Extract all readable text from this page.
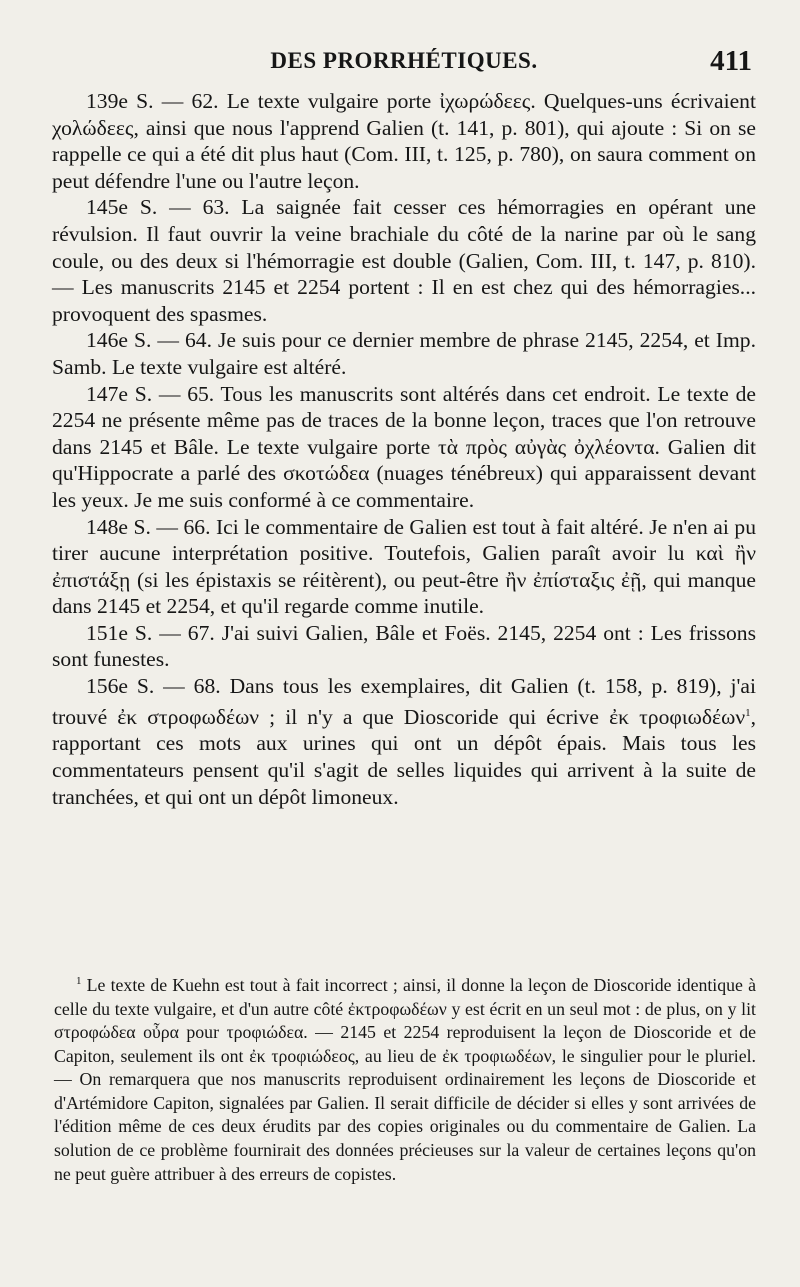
DES PRORRHÉTIQUES.	411

139e S. — 62. Le texte vulgaire porte ἰχωρώδεες. Quelques-uns écrivaient χολώδεες, ainsi que nous l'apprend Galien (t. 141, p. 801), qui ajoute : Si on se rappelle ce qui a été dit plus haut (Com. III, t. 125, p. 780), on saura comment on peut défendre l'une ou l'autre leçon.

145e S. — 63. La saignée fait cesser ces hémorragies en opérant une révulsion. Il faut ouvrir la veine brachiale du côté de la narine par où le sang coule, ou des deux si l'hémorragie est double (Galien, Com. III, t. 147, p. 810). — Les manuscrits 2145 et 2254 portent : Il en est chez qui des hémorragies... provoquent des spasmes.

146e S. — 64. Je suis pour ce dernier membre de phrase 2145, 2254, et Imp. Samb. Le texte vulgaire est altéré.

147e S. — 65. Tous les manuscrits sont altérés dans cet endroit. Le texte de 2254 ne présente même pas de traces de la bonne leçon, traces que l'on retrouve dans 2145 et Bâle. Le texte vulgaire porte τὰ πρὸς αὐγὰς ὀχλέοντα. Galien dit qu'Hippocrate a parlé des σκοτώδεα (nuages ténébreux) qui apparaissent devant les yeux. Je me suis conformé à ce commentaire.

148e S. — 66. Ici le commentaire de Galien est tout à fait altéré. Je n'en ai pu tirer aucune interprétation positive. Toutefois, Galien paraît avoir lu καὶ ἢν ἐπιστάξῃ (si les épistaxis se réitèrent), ou peut-être ἢν ἐπίσταξις ἐῇ, qui manque dans 2145 et 2254, et qu'il regarde comme inutile.

151e S. — 67. J'ai suivi Galien, Bâle et Foës. 2145, 2254 ont : Les frissons sont funestes.

156e S. — 68. Dans tous les exemplaires, dit Galien (t. 158, p. 819), j'ai trouvé ἐκ στροφωδέων ; il n'y a que Dioscoride qui écrive ἐκ τροφιωδέων$^1$, rapportant ces mots aux urines qui ont un dépôt épais. Mais tous les commentateurs pensent qu'il s'agit de selles liquides qui arrivent à la suite de tranchées, et qui ont un dépôt limoneux.

$^1$ Le texte de Kuehn est tout à fait incorrect ; ainsi, il donne la leçon de Dioscoride identique à celle du texte vulgaire, et d'un autre côté ἐκτροφωδέων y est écrit en un seul mot : de plus, on y lit στροφώδεα οὖρα pour τροφιώδεα. — 2145 et 2254 reproduisent la leçon de Dioscoride et de Capiton, seulement ils ont ἐκ τροφιώδεος, au lieu de ἐκ τροφιωδέων, le singulier pour le pluriel. — On remarquera que nos manuscrits reproduisent ordinairement les leçons de Dioscoride et d'Artémidore Capiton, signalées par Galien. Il serait difficile de décider si elles y sont arrivées de l'édition même de ces deux érudits par des copies originales ou du commentaire de Galien. La solution de ce problème fournirait des données précieuses sur la valeur de certaines leçons qu'on ne peut guère attribuer à des erreurs de copistes.
